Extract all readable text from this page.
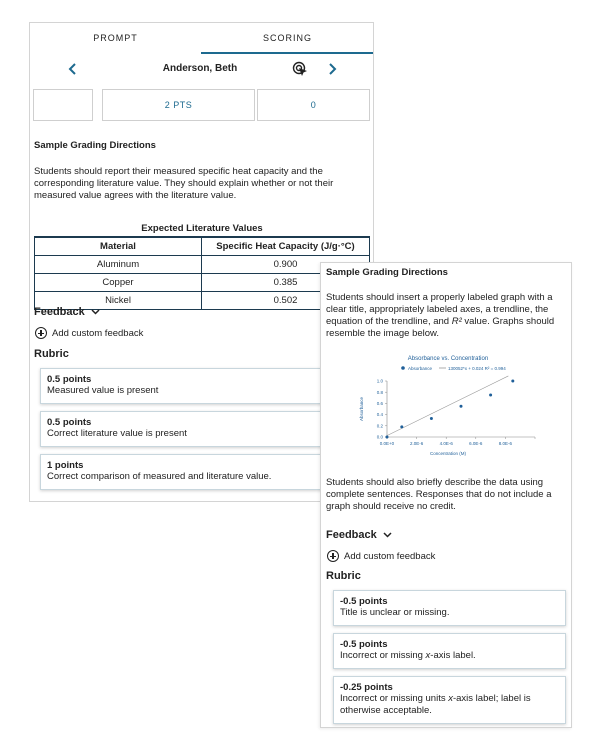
PROMPT	SCORING
Anderson, Beth
2 PTS	0
Sample Grading Directions
Students should report their measured specific heat capacity and the corresponding literature value. They should explain whether or not their measured value agrees with the literature value.
Expected Literature Values
Material	Specific Heat Capacity (J/g·°C)
Aluminum	0.900
Copper	0.385
Nickel	0.502
Feedback
Add custom feedback
Rubric
0.5 points
Measured value is present
0.5 points
Correct literature value is present
1 points
Correct comparison of measured and literature value.
Sample Grading Directions
Students should insert a properly labeled graph with a clear title, appropriately labeled axes, a trendline, the equation of the trendline, and R² value. Graphs should resemble the image below.
Absorbance vs. Concentration
Absorbance	130052*x + 0.024 R² = 0.994
0.0
0.2
0.4
0.6
0.8
1.0
0.0E+0	2.0E-6	4.0E-6	6.0E-6	8.0E-6
Concentration (M)
Absorbance
Students should also briefly describe the data using complete sentences. Responses that do not include a graph should receive no credit.
Feedback
Add custom feedback
Rubric
-0.5 points
Title is unclear or missing.
-0.5 points
Incorrect or missing x-axis label.
-0.25 points
Incorrect or missing units x-axis label; label is otherwise acceptable.
